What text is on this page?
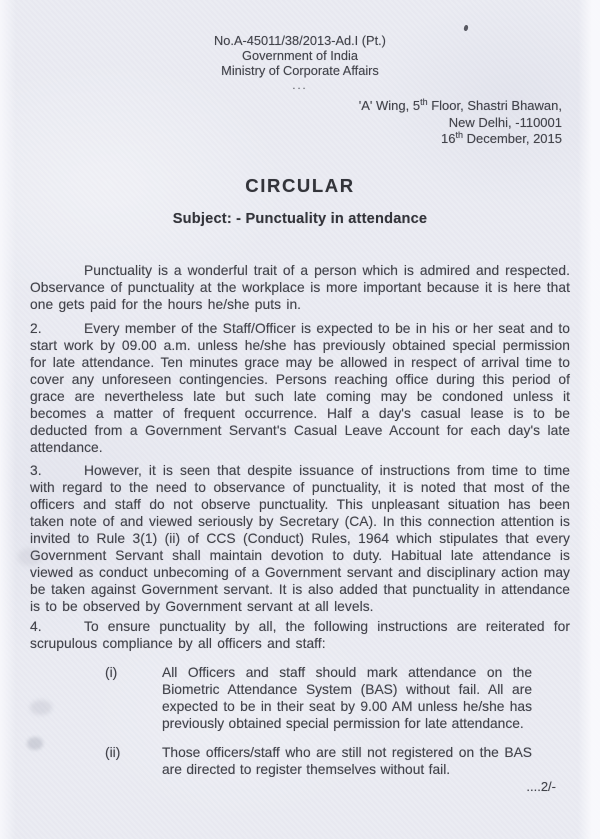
No.A-45011/38/2013-Ad.I (Pt.)
Government of India
Ministry of Corporate Affairs
...
'A' Wing, 5th Floor, Shastri Bhawan,
New Delhi, -110001
16th December, 2015
CIRCULAR
Subject: - Punctuality in attendance

Punctuality is a wonderful trait of a person which is admired and respected. Observance of punctuality at the workplace is more important because it is here that one gets paid for the hours he/she puts in.

2.	Every member of the Staff/Officer is expected to be in his or her seat and to start work by 09.00 a.m. unless he/she has previously obtained special permission for late attendance. Ten minutes grace may be allowed in respect of arrival time to cover any unforeseen contingencies. Persons reaching office during this period of grace are nevertheless late but such late coming may be condoned unless it becomes a matter of frequent occurrence. Half a day's casual lease is to be deducted from a Government Servant's Casual Leave Account for each day's late attendance.

3.	However, it is seen that despite issuance of instructions from time to time with regard to the need to observance of punctuality, it is noted that most of the officers and staff do not observe punctuality. This unpleasant situation has been taken note of and viewed seriously by Secretary (CA). In this connection attention is invited to Rule 3(1) (ii) of CCS (Conduct) Rules, 1964 which stipulates that every Government Servant shall maintain devotion to duty. Habitual late attendance is viewed as conduct unbecoming of a Government servant and disciplinary action may be taken against Government servant. It is also added that punctuality in attendance is to be observed by Government servant at all levels.

4.	To ensure punctuality by all, the following instructions are reiterated for scrupulous compliance by all officers and staff:

(i)	All Officers and staff should mark attendance on the Biometric Attendance System (BAS) without fail. All are expected to be in their seat by 9.00 AM unless he/she has previously obtained special permission for late attendance.
(ii)	Those officers/staff who are still not registered on the BAS are directed to register themselves without fail.
....2/-
